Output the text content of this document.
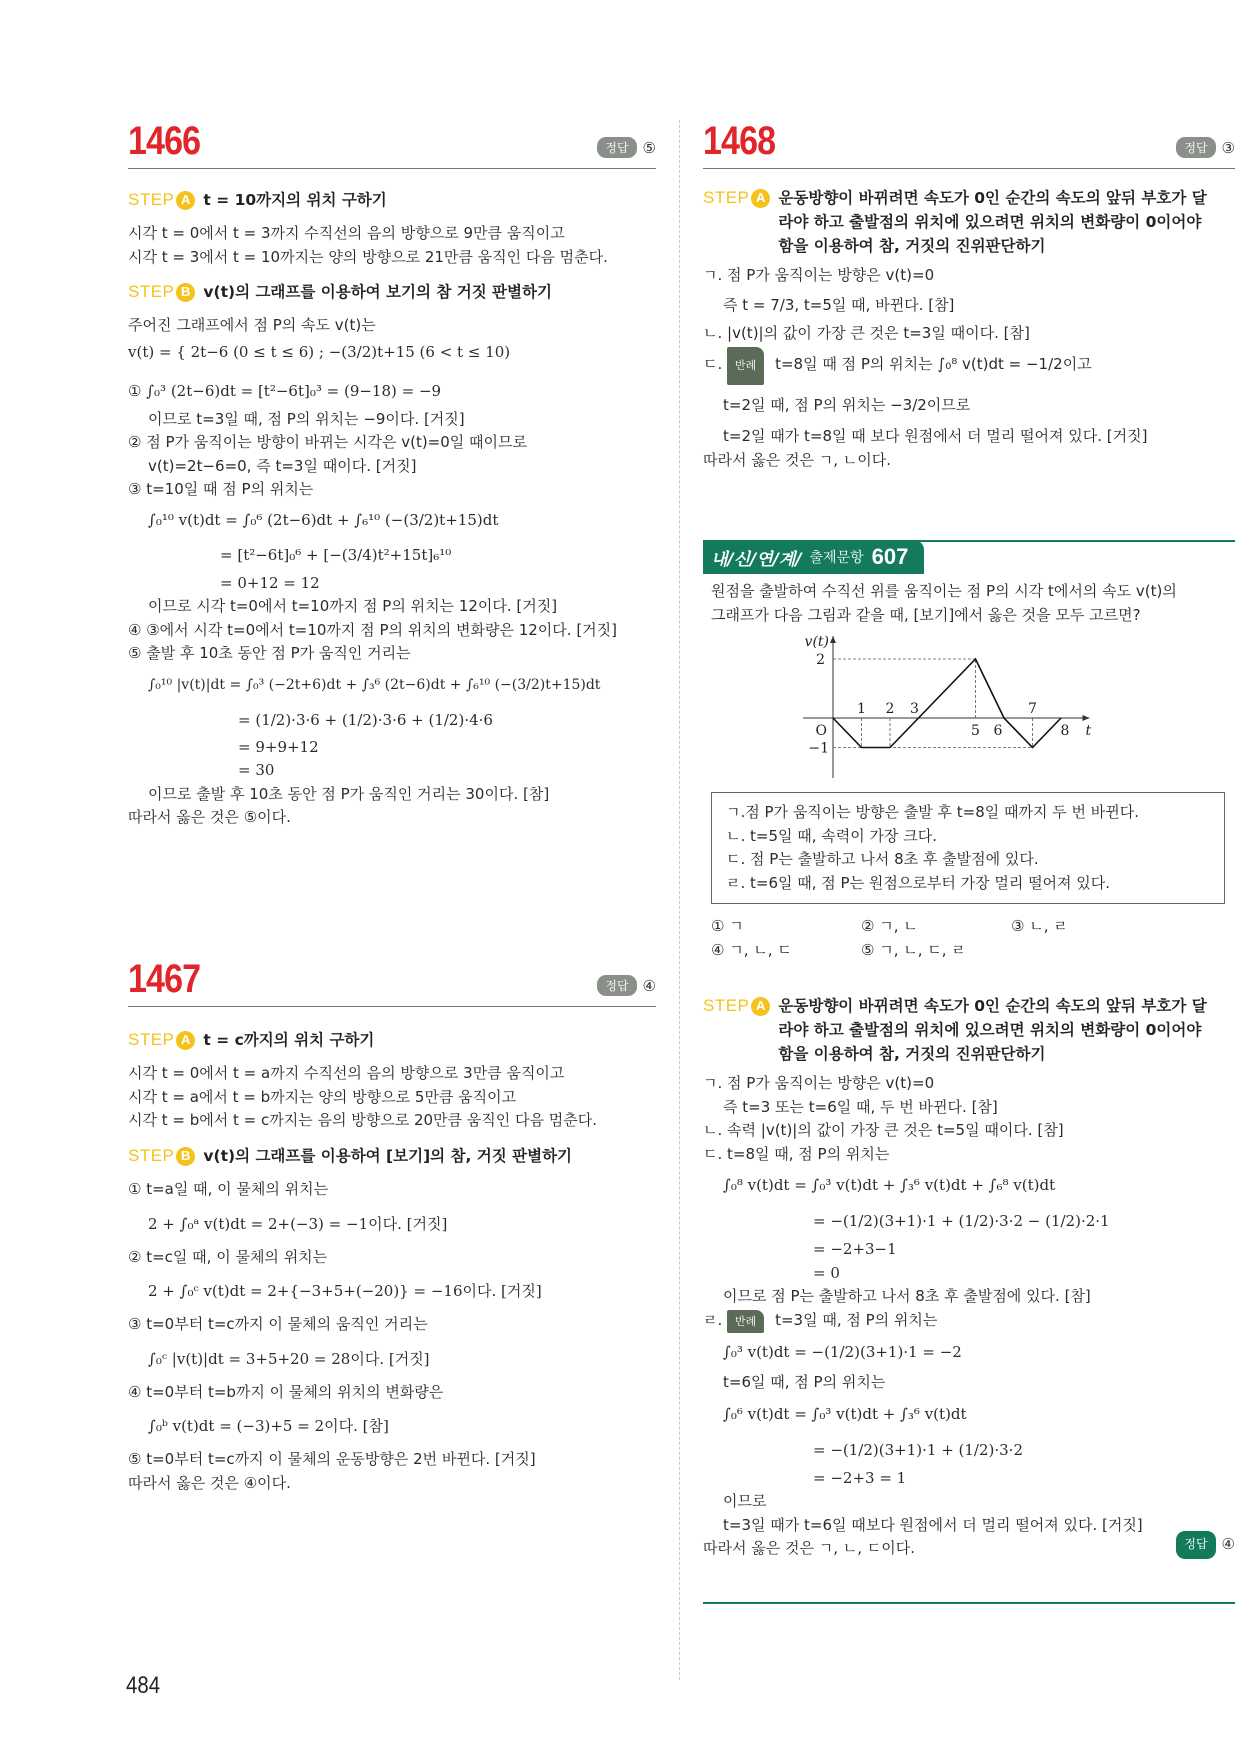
1466	정답 ⑤
STEP A t = 10까지의 위치 구하기
시각 t = 0에서 t = 3까지 수직선의 음의 방향으로 9만큼 움직이고
시각 t = 3에서 t = 10까지는 양의 방향으로 21만큼 움직인 다음 멈춘다.
STEP B v(t)의 그래프를 이용하여 보기의 참 거짓 판별하기
주어진 그래프에서 점 P의 속도 v(t)는
v(t) = { 2t−6 (0 ≤ t ≤ 6) ; −(3/2)t+15 (6 < t ≤ 10)
① ∫₀³ (2t−6)dt = [t²−6t]₀³ = (9−18) = −9
이므로 t=3일 때, 점 P의 위치는 −9이다. [거짓]
② 점 P가 움직이는 방향이 바뀌는 시각은 v(t)=0일 때이므로
v(t)=2t−6=0, 즉 t=3일 때이다. [거짓]
③ t=10일 때 점 P의 위치는
∫₀¹⁰ v(t)dt = ∫₀⁶ (2t−6)dt + ∫₆¹⁰ (−(3/2)t+15)dt
= [t²−6t]₀⁶ + [−(3/4)t²+15t]₆¹⁰
= 0+12 = 12
이므로 시각 t=0에서 t=10까지 점 P의 위치는 12이다. [거짓]
④ ③에서 시각 t=0에서 t=10까지 점 P의 위치의 변화량은 12이다. [거짓]
⑤ 출발 후 10초 동안 점 P가 움직인 거리는
∫₀¹⁰ |v(t)|dt = ∫₀³ (−2t+6)dt + ∫₃⁶ (2t−6)dt + ∫₆¹⁰ (−(3/2)t+15)dt
= (1/2)·3·6 + (1/2)·3·6 + (1/2)·4·6
= 9+9+12
= 30
이므로 출발 후 10초 동안 점 P가 움직인 거리는 30이다. [참]
따라서 옳은 것은 ⑤이다.
1467	정답 ④
STEP A t = c까지의 위치 구하기
시각 t = 0에서 t = a까지 수직선의 음의 방향으로 3만큼 움직이고
시각 t = a에서 t = b까지는 양의 방향으로 5만큼 움직이고
시각 t = b에서 t = c까지는 음의 방향으로 20만큼 움직인 다음 멈춘다.
STEP B v(t)의 그래프를 이용하여 [보기]의 참, 거짓 판별하기
① t=a일 때, 이 물체의 위치는
2 + ∫₀ᵃ v(t)dt = 2+(−3) = −1이다. [거짓]
② t=c일 때, 이 물체의 위치는
2 + ∫₀ᶜ v(t)dt = 2+{−3+5+(−20)} = −16이다. [거짓]
③ t=0부터 t=c까지 이 물체의 움직인 거리는
∫₀ᶜ |v(t)|dt = 3+5+20 = 28이다. [거짓]
④ t=0부터 t=b까지 이 물체의 위치의 변화량은
∫₀ᵇ v(t)dt = (−3)+5 = 2이다. [참]
⑤ t=0부터 t=c까지 이 물체의 운동방향은 2번 바뀐다. [거짓]
따라서 옳은 것은 ④이다.
1468	정답 ③
STEP A 운동방향이 바뀌려면 속도가 0인 순간의 속도의 앞뒤 부호가 달라야 하고 출발점의 위치에 있으려면 위치의 변화량이 0이어야 함을 이용하여 참, 거짓의 진위판단하기
ㄱ. 점 P가 움직이는 방향은 v(t)=0
즉 t = 7/3, t=5일 때, 바뀐다. [참]
ㄴ. |v(t)|의 값이 가장 큰 것은 t=3일 때이다. [참]
ㄷ. 반례 t=8일 때 점 P의 위치는 ∫₀⁸ v(t)dt = −1/2이고
t=2일 때, 점 P의 위치는 −3/2이므로
t=2일 때가 t=8일 때 보다 원점에서 더 멀리 떨어져 있다. [거짓]
따라서 옳은 것은 ㄱ, ㄴ이다.
내/신/연/계/ 출제문항 607
원점을 출발하여 수직선 위를 움직이는 점 P의 시각 t에서의 속도 v(t)의
그래프가 다음 그림과 같을 때, [보기]에서 옳은 것을 모두 고르면?
1 2 3
5 6
7
8
2
−1
O	t
v(t)
ㄱ.점 P가 움직이는 방향은 출발 후 t=8일 때까지 두 번 바뀐다.
ㄴ. t=5일 때, 속력이 가장 크다.
ㄷ. 점 P는 출발하고 나서 8초 후 출발점에 있다.
ㄹ. t=6일 때, 점 P는 원점으로부터 가장 멀리 떨어져 있다.
① ㄱ	② ㄱ, ㄴ	③ ㄴ, ㄹ
④ ㄱ, ㄴ, ㄷ	⑤ ㄱ, ㄴ, ㄷ, ㄹ
STEP A 운동방향이 바뀌려면 속도가 0인 순간의 속도의 앞뒤 부호가 달라야 하고 출발점의 위치에 있으려면 위치의 변화량이 0이어야 함을 이용하여 참, 거짓의 진위판단하기
ㄱ. 점 P가 움직이는 방향은 v(t)=0
즉 t=3 또는 t=6일 때, 두 번 바뀐다. [참]
ㄴ. 속력 |v(t)|의 값이 가장 큰 것은 t=5일 때이다. [참]
ㄷ. t=8일 때, 점 P의 위치는
∫₀⁸ v(t)dt = ∫₀³ v(t)dt + ∫₃⁶ v(t)dt + ∫₆⁸ v(t)dt
= −(1/2)(3+1)·1 + (1/2)·3·2 − (1/2)·2·1
= −2+3−1
= 0
이므로 점 P는 출발하고 나서 8초 후 출발점에 있다. [참]
ㄹ. 반례 t=3일 때, 점 P의 위치는
∫₀³ v(t)dt = −(1/2)(3+1)·1 = −2
t=6일 때, 점 P의 위치는
∫₀⁶ v(t)dt = ∫₀³ v(t)dt + ∫₃⁶ v(t)dt
= −(1/2)(3+1)·1 + (1/2)·3·2
= −2+3 = 1
이므로
t=3일 때가 t=6일 때보다 원점에서 더 멀리 떨어져 있다. [거짓]
따라서 옳은 것은 ㄱ, ㄴ, ㄷ이다.	정답 ④
484
